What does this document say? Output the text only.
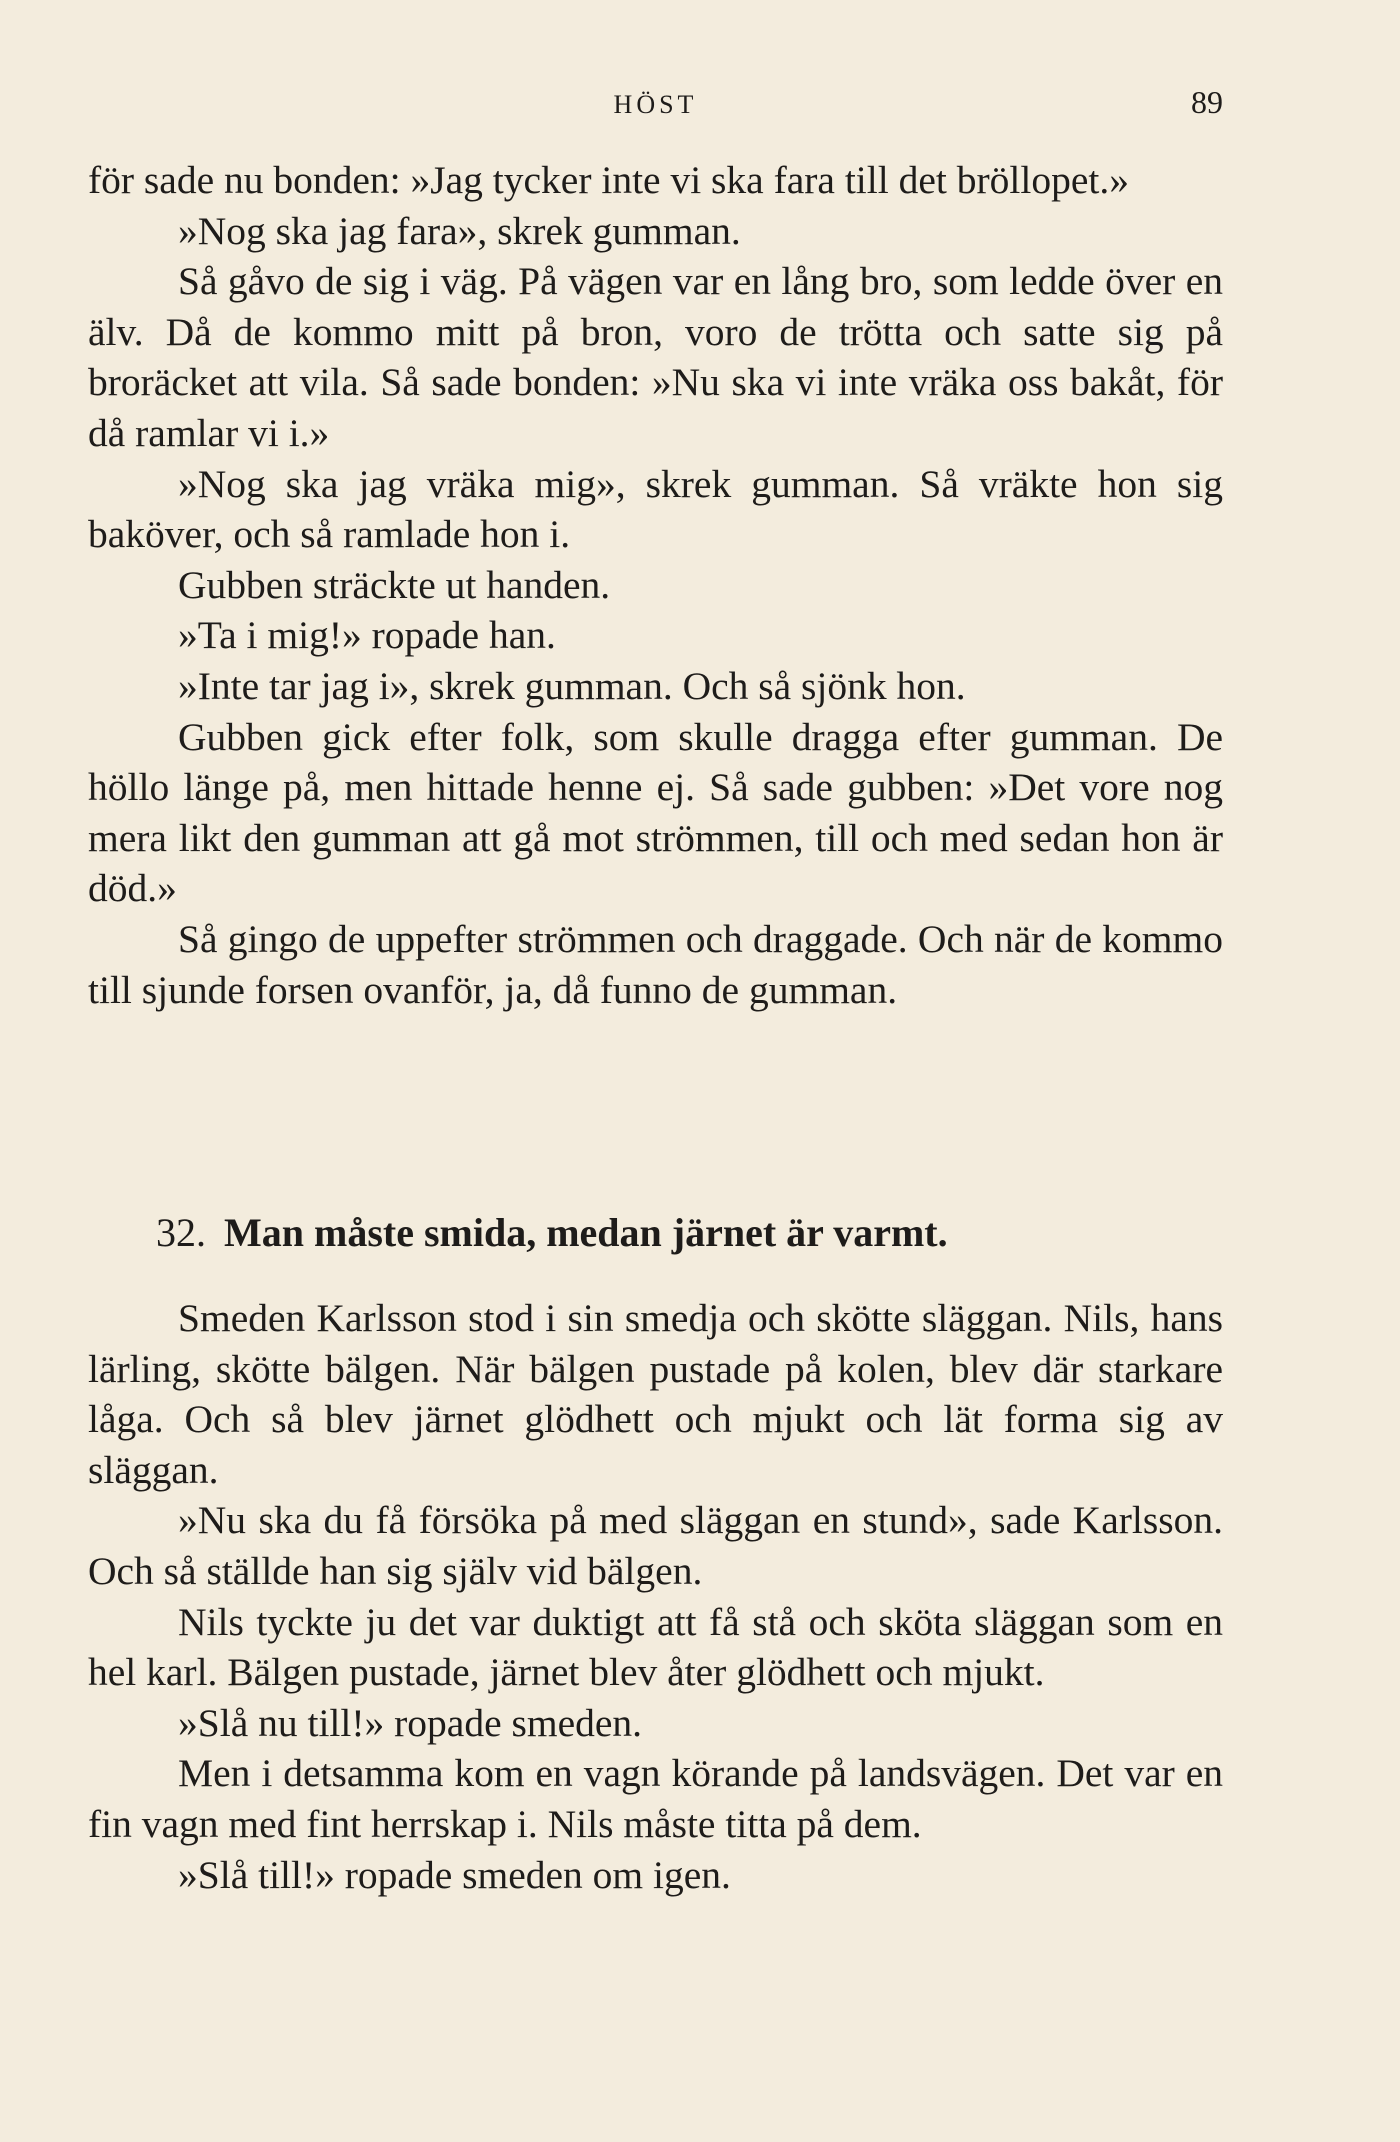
HÖST	89

för sade nu bonden: »Jag tycker inte vi ska fara till det bröllopet.»

»Nog ska jag fara», skrek gumman.

Så gåvo de sig i väg. På vägen var en lång bro, som ledde över en älv. Då de kommo mitt på bron, voro de trötta och satte sig på broräcket att vila. Så sade bonden: »Nu ska vi inte vräka oss bakåt, för då ramlar vi i.»

»Nog ska jag vräka mig», skrek gumman. Så vräkte hon sig baköver, och så ramlade hon i.

Gubben sträckte ut handen.

»Ta i mig!» ropade han.

»Inte tar jag i», skrek gumman. Och så sjönk hon.

Gubben gick efter folk, som skulle dragga efter gumman. De höllo länge på, men hittade henne ej. Så sade gubben: »Det vore nog mera likt den gumman att gå mot strömmen, till och med sedan hon är död.»

Så gingo de uppefter strömmen och draggade. Och när de kommo till sjunde forsen ovanför, ja, då funno de gumman.

32. Man måste smida, medan järnet är varmt.

Smeden Karlsson stod i sin smedja och skötte släggan. Nils, hans lärling, skötte bälgen. När bälgen pustade på kolen, blev där starkare låga. Och så blev järnet glödhett och mjukt och lät forma sig av släggan.

»Nu ska du få försöka på med släggan en stund», sade Karlsson. Och så ställde han sig själv vid bälgen.

Nils tyckte ju det var duktigt att få stå och sköta släggan som en hel karl. Bälgen pustade, järnet blev åter glödhett och mjukt.

»Slå nu till!» ropade smeden.

Men i detsamma kom en vagn körande på landsvägen. Det var en fin vagn med fint herrskap i. Nils måste titta på dem.

»Slå till!» ropade smeden om igen.
